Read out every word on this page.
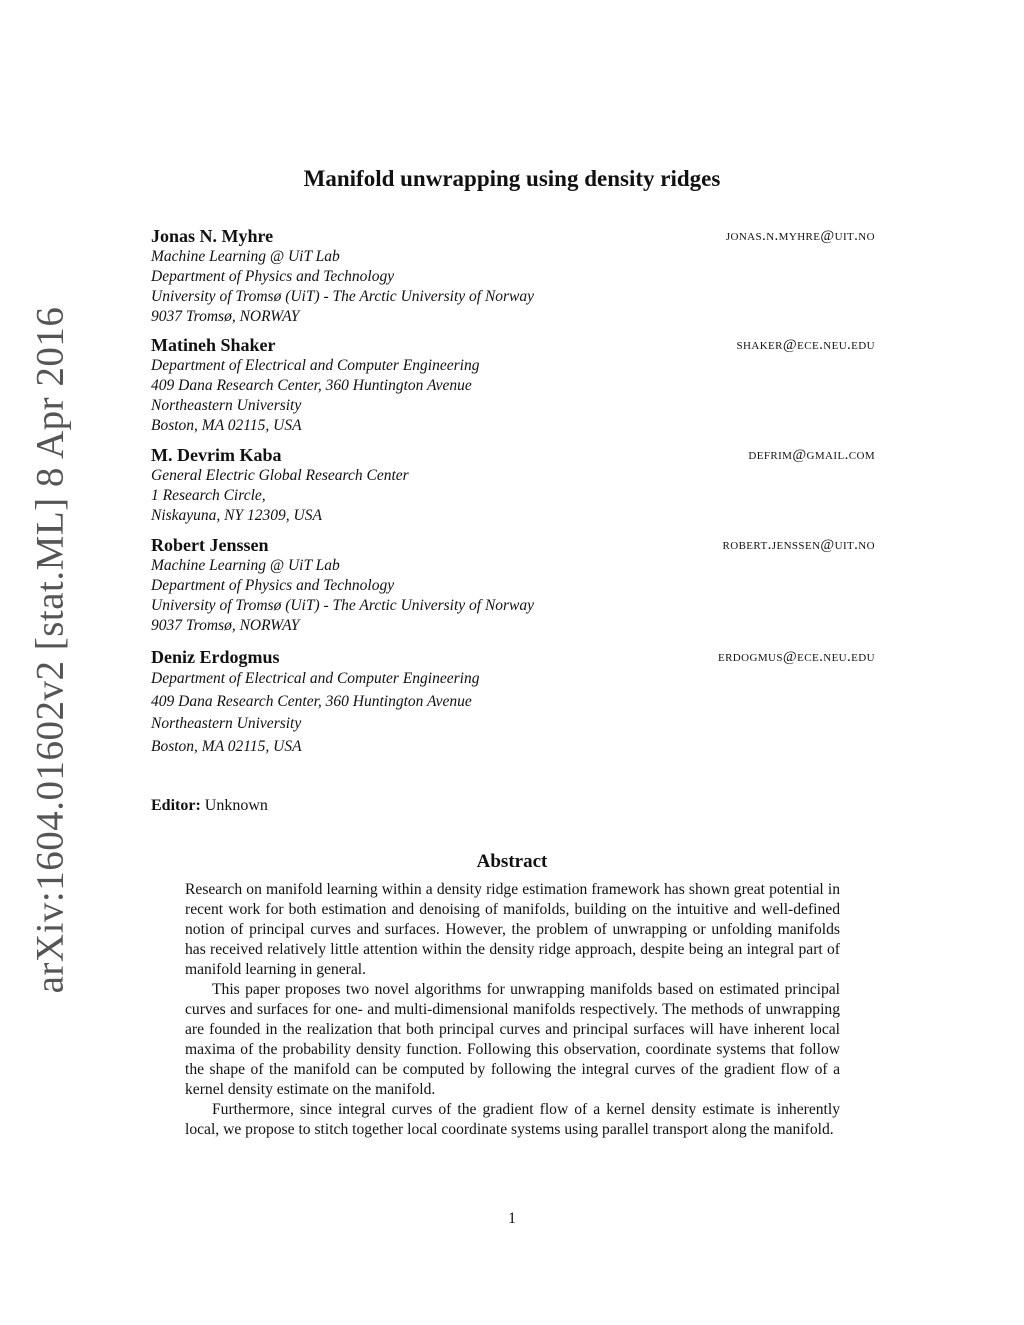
arXiv:1604.01602v2 [stat.ML] 8 Apr 2016
Manifold unwrapping using density ridges
Jonas N. Myhre	jonas.n.myhre@uit.no
Machine Learning @ UiT Lab
Department of Physics and Technology
University of Tromsø (UiT) - The Arctic University of Norway
9037 Tromsø, NORWAY
Matineh Shaker	shaker@ece.neu.edu
Department of Electrical and Computer Engineering
409 Dana Research Center, 360 Huntington Avenue
Northeastern University
Boston, MA 02115, USA
M. Devrim Kaba	defrim@gmail.com
General Electric Global Research Center
1 Research Circle,
Niskayuna, NY 12309, USA
Robert Jenssen	robert.jenssen@uit.no
Machine Learning @ UiT Lab
Department of Physics and Technology
University of Tromsø (UiT) - The Arctic University of Norway
9037 Tromsø, NORWAY
Deniz Erdogmus	erdogmus@ece.neu.edu
Department of Electrical and Computer Engineering
409 Dana Research Center, 360 Huntington Avenue
Northeastern University
Boston, MA 02115, USA
Editor: Unknown
Abstract

Research on manifold learning within a density ridge estimation framework has shown great potential in recent work for both estimation and denoising of manifolds, building on the intuitive and well-defined notion of principal curves and surfaces. However, the problem of unwrapping or unfolding manifolds has received relatively little attention within the density ridge approach, despite being an integral part of manifold learning in general.

This paper proposes two novel algorithms for unwrapping manifolds based on estimated principal curves and surfaces for one- and multi-dimensional manifolds respectively. The methods of unwrapping are founded in the realization that both principal curves and principal surfaces will have inherent local maxima of the probability density function. Following this observation, coordinate systems that follow the shape of the manifold can be computed by following the integral curves of the gradient flow of a kernel density estimate on the manifold.

Furthermore, since integral curves of the gradient flow of a kernel density estimate is inherently local, we propose to stitch together local coordinate systems using parallel transport along the manifold.

1
